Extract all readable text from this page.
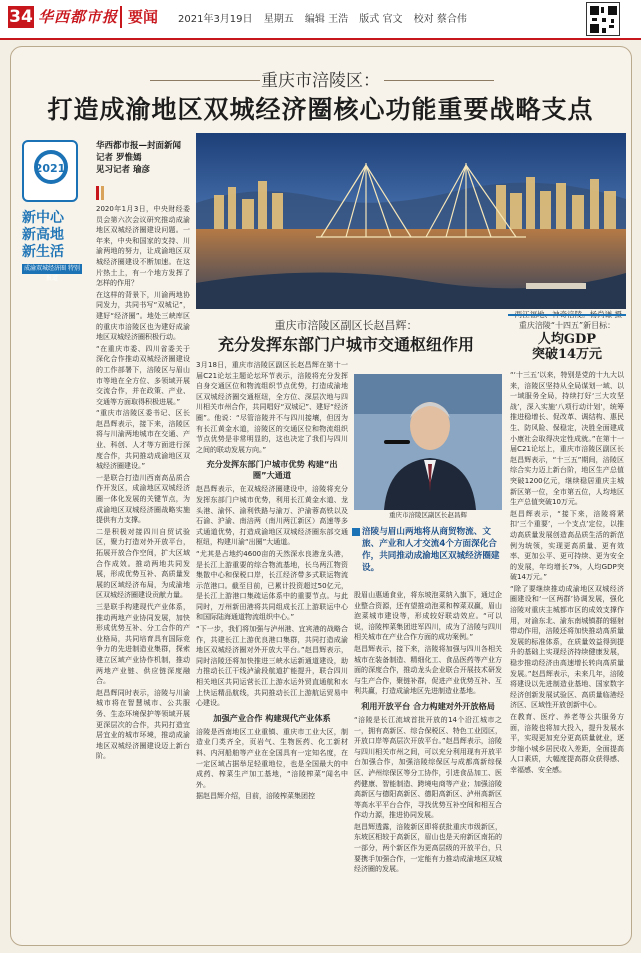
34 华西都市报 要闻 2021年3月19日 星期五 编辑 王浩 版式 官文 校对 蔡合伟
重庆市涪陵区：
打造成渝地区双城经济圈核心功能重要战略支点
2021
新中心
新高地
新生活
成渝双城经济圈 特别报道
华西都市报—封面新闻
记者 罗惟嫣
见习记者 瑜彦

2020年1月3日，中央财经委员会第六次会议研究推动成渝地区双城经济圈建设问题。一年来，中央和国家的支持、川渝两地的努力，让成渝地区双城经济圈建设不断加速。在这片热土上，有一个地方发挥了怎样的作用？

在这样的背景下，川渝两地协同发力，共同书写“双城记”，建好“经济圈”。地处三峡库区的重庆市涪陵区也为建好成渝地区双城经济圈积极行动。

“在重庆市委、四川省委关于深化合作推动双城经济圈建设的工作部署下，涪陵区与眉山市等地在全方位、多领域开展交流合作，并在政策、产业、交通等方面取得积极进展。”

“重庆市涪陵区委书记、区长赵昌辉表示，接下来，涪陵区将与川渝两地城市在交通、产业、科创、人才等方面进行深度合作，共同推动成渝地区双城经济圈建设。”

一是联合打造川西南高品质合作开发区，成渝地区双城经济圈一体化发展的关键节点，为成渝地区双城经济圈战略实施提供有力支撑。

二是积极对接四川自贸试验区，聚力打造对外开放平台，拓展开放合作空间，扩大区域合作成效。推动两地共同发展，形成优势互补、高质量发展的区域经济布局，为成渝地区双城经济圈建设贡献力量。

三是联手构建现代产业体系，推动两地产业协同发展，加快形成优势互补、分工合作的产业格局，共同培育具有国际竞争力的先进制造业集群，探索建立区域产业协作机制，推动两地产业链、供应链深度融合。

赵昌辉同时表示，涪陵与川渝城市将在智慧城市、公共服务、生态环境保护等领域开展更深层次的合作，共同打造宜居宜业的城市环境，推动成渝地区双城经济圈建设迈上新台阶。

两江福地、神奇涪陵。杨尚谦 摄
重庆市涪陵区副区长赵昌辉：
充分发挥东部门户城市交通枢纽作用

3月18日，重庆市涪陵区副区长赵昌辉在第十一届C21论坛主题论坛环节表示，涪陵将充分发挥自身交通区位和物流组织节点优势，打造成渝地区双城经济圈交通枢纽，全方位、深层次地与四川相关市州合作，共同唱好“双城记”、建好“经济圈”。他说：“尽管涪陵并不与四川接壤，但因为有长江黄金水道，涪陵区的交通区位和物流组织节点优势是非常明显的，这也决定了我们与四川之间的联动发展方向。”

充分发挥东部门户城市优势 构建“出圈”大通道

赵昌辉表示，在双城经济圈建设中，涪陵将充分发挥东部门户城市优势，利用长江黄金水道、龙头港、渝怀、渝利铁路与渝万、沪渝蓉高铁以及石渝、沪渝、南涪两（南川两江新区）高速等多式通道优势，打造成渝地区双城经济圈东部交通枢纽，构建川渝“出圈”大通道。

“尤其是占地约4600亩的天然深水良港龙头港，是长江上游重要的综合物流基地，长乌两江物资集散中心和保税口岸，长江经济带多式联运物流示范港口。截至目前，已累计投资超过50亿元，是长江上游港口集疏运体系中的重要节点。与此同时，万州新田港将共同组成长江上游联运中心和国际陆海通道物流组织中心。”

“下一步，我们将加强与泸州港、宜宾港的战略合作，共建长江上游优良港口集群，共同打造成渝地区双城经济圈对外开放大平台。”赵昌辉表示，同时涪陵还将加快推进三峡水运新通道建设，助力推动长江干线泸渝段航道扩能提升，联合四川相关地区共同运营长江上游水运外贸直通航和水上快运精品航线，共同推动长江上游航运贸易中心建设。

加强产业合作 构建现代产业体系

涪陵是西南地区工业重镇、重庆市工业大区，制造业门类齐全，页岩气、生物医药、化工新材料、内河船舶等产业在全国具有一定知名度，在一定区域占据举足轻重地位，也是全国最大的中成药、榨菜生产加工基地，“涪陵榨菜”闻名中外。

据赵昌辉介绍，目前，涪陵榨菜集团控

重庆市涪陵区副区长赵昌辉
涪陵与眉山两地将从商贸物流、文旅、产业和人才交流4个方面深化合作，共同推动成渝地区双城经济圈建设。

股眉山惠通食业，将东坡泡菜纳入旗下，通过企业整合资源，还有望推动泡菜和榨菜双赢，眉山泡菜城市建设等，形成较好联动效应。“可以说，涪陵榨菜集团进军四川，成为了涪陵与四川相关城市在产业合作方面的成功案例。”

赵昌辉表示，接下来，涪陵将加强与四川各相关城市在装备制造、精细化工、食品医药等产业方面的深度合作，推动龙头企业联合开展技术研发与生产合作，聚链补群，促进产业优势互补、互利共赢，打造成渝地区先进制造业基地。

利用开放平台 合力构建对外开放格局

“涪陵是长江流域首批开放的14个沿江城市之一，拥有高新区、综合保税区、特色工业园区，开放口岸等高层次开放平台。”赵昌辉表示，涪陵与四川相关市州之间，可以充分利用现有开放平台加强合作，加强涪陵综保区与成都高新综保区、泸州综保区等分工协作，引进食品加工、医药健康、智能制造、跨境电商等产业；加强涪陵高新区与德阳高新区、德阳高新区、泸州高新区等高水平平台合作，寻找优势互补空间和相互合作动力源，推进协同发展。

赵昌辉透露，涪陵新区即将获批重庆市级新区，东坡区相较于高新区，眉山也是天府新区南拓的一部分，两个新区作为更高层级的开放平台，只要携手加强合作，一定能有力推动成渝地区双城经济圈的发展。

重庆涪陵“十四五”新目标：
人均GDP
突破14万元

“‘十三五’以来，特别是党的十九大以来，涪陵区坚持从全局谋划一域、以一域服务全局，持续打好‘三大攻坚战’，深入实施‘八项行动计划’，统筹推进稳增长、促改革、调结构、惠民生、防风险、保稳定，决胜全面建成小康社会取得决定性成就。”在第十一届C21论坛上，重庆市涪陵区副区长赵昌辉表示，“十三五”期间，涪陵区综合实力迈上新台阶，地区生产总值突破1200亿元，继续稳居重庆主城新区第一位，全市第五位，人均地区生产总值突破10万元。

赵昌辉表示，“接下来，涪陵将紧扣‘三个重要’，一个支点’定位，以推动高质量发展创造高品质生活的新范例为统领，实现更高质量、更有效率、更加公平、更可持续、更为安全的发展，年均增长7%，人均GDP突破14万元。”

“除了要继续推动成渝地区双城经济圈建设和‘一区两群’协调发展，强化涪陵对重庆主城都市区的成效支撑作用，对渝东北、渝东南城镇群的辐射带动作用，涪陵还将加快推动高质量发展的标准体系，在质量效益得到提升的基础上实现经济持续健康发展，稳步推动经济由高速增长转向高质量发展。”赵昌辉表示，未来几年，涪陵将建设以先进制造业基地、国家数字经济创新发展试验区、高质量临港经济区、区域性开放创新中心。

在教育、医疗、养老等公共服务方面，涪陵也将加大投入，提升发展水平，实现更加充分更高质量就业，逐步缩小城乡居民收入差距，全面提高人口素质，大幅度提高群众获得感、幸福感、安全感。
